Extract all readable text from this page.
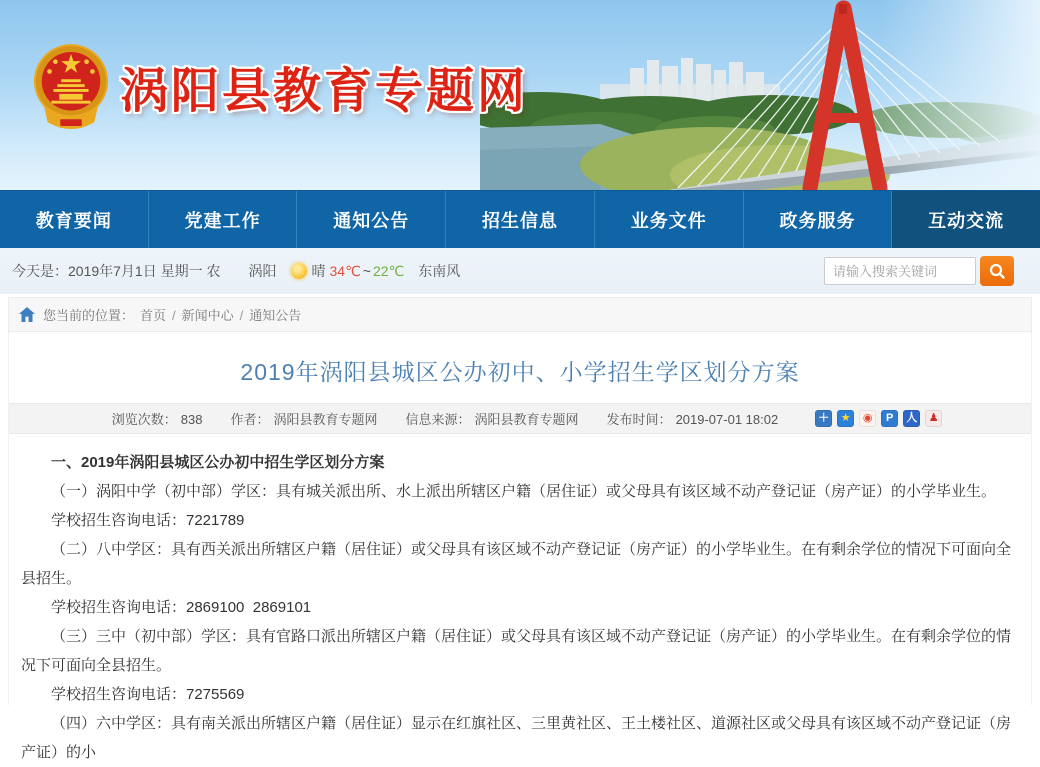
涡阳县教育专题网
教育要闻	党建工作	通知公告	招生信息	业务文件	政务服务	互动交流
今天是：2019年7月1日 星期一 农 涡阳	晴 34℃ ~ 22℃ 东南风
请输入搜索关键词
您当前的位置： 首页 / 新闻中心 / 通知公告
2019年涡阳县城区公办初中、小学招生学区划分方案
浏览次数： 838 作者： 涡阳县教育专题网 信息来源： 涡阳县教育专题网 发布时间： 2019-07-01 18:02	＋	★	◉	P	人	♟

一、2019年涡阳县城区公办初中招生学区划分方案

（一）涡阳中学（初中部）学区：具有城关派出所、水上派出所辖区户籍（居住证）或父母具有该区域不动产登记证（房产证）的小学毕业生。

学校招生咨询电话：7221789

（二）八中学区：具有西关派出所辖区户籍（居住证）或父母具有该区域不动产登记证（房产证）的小学毕业生。在有剩余学位的情况下可面向全县招生。

学校招生咨询电话：2869100  2869101

（三）三中（初中部）学区：具有官路口派出所辖区户籍（居住证）或父母具有该区域不动产登记证（房产证）的小学毕业生。在有剩余学位的情况下可面向全县招生。

学校招生咨询电话：7275569

（四）六中学区：具有南关派出所辖区户籍（居住证）显示在红旗社区、三里黄社区、王土楼社区、道源社区或父母具有该区域不动产登记证（房产证）的小
